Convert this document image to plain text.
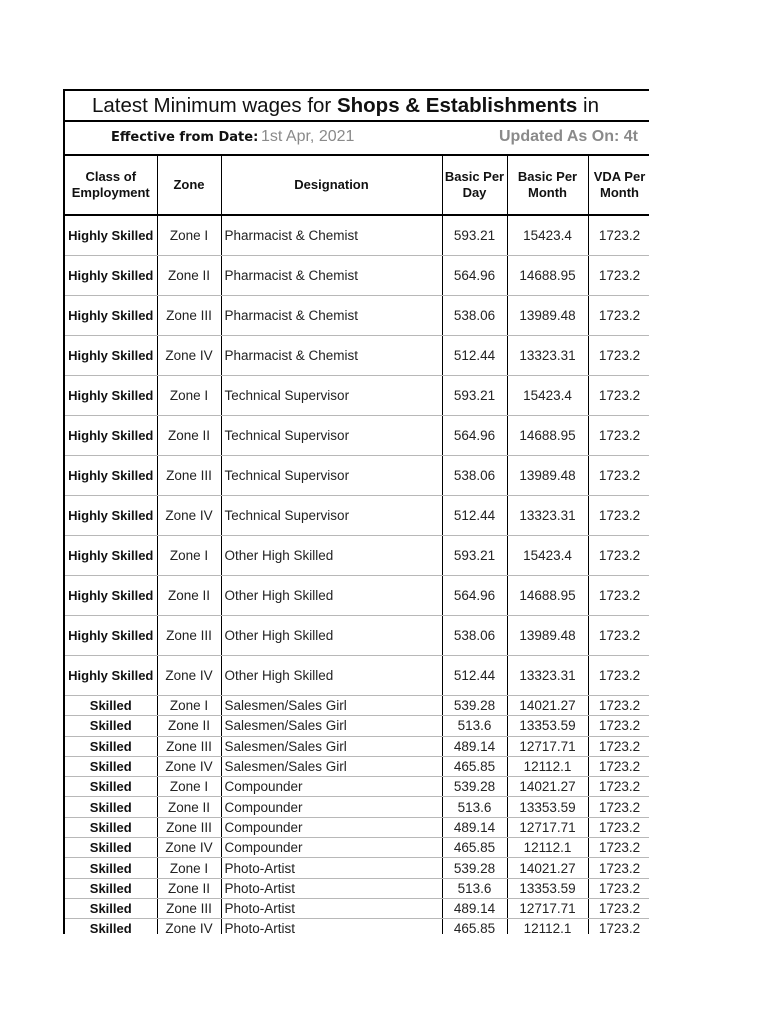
Latest Minimum wages for Shops & Establishments in
Effective from Date: 1st Apr, 2021	Updated As On: 4t
Class of Employment	Zone	Designation	Basic Per Day	Basic Per Month	VDA Per Month
Highly Skilled	Zone I	Pharmacist & Chemist	593.21	15423.4	1723.2
Highly Skilled	Zone II	Pharmacist & Chemist	564.96	14688.95	1723.2
Highly Skilled	Zone III	Pharmacist & Chemist	538.06	13989.48	1723.2
Highly Skilled	Zone IV	Pharmacist & Chemist	512.44	13323.31	1723.2
Highly Skilled	Zone I	Technical Supervisor	593.21	15423.4	1723.2
Highly Skilled	Zone II	Technical Supervisor	564.96	14688.95	1723.2
Highly Skilled	Zone III	Technical Supervisor	538.06	13989.48	1723.2
Highly Skilled	Zone IV	Technical Supervisor	512.44	13323.31	1723.2
Highly Skilled	Zone I	Other High Skilled	593.21	15423.4	1723.2
Highly Skilled	Zone II	Other High Skilled	564.96	14688.95	1723.2
Highly Skilled	Zone III	Other High Skilled	538.06	13989.48	1723.2
Highly Skilled	Zone IV	Other High Skilled	512.44	13323.31	1723.2
Skilled	Zone I	Salesmen/Sales Girl	539.28	14021.27	1723.2
Skilled	Zone II	Salesmen/Sales Girl	513.6	13353.59	1723.2
Skilled	Zone III	Salesmen/Sales Girl	489.14	12717.71	1723.2
Skilled	Zone IV	Salesmen/Sales Girl	465.85	12112.1	1723.2
Skilled	Zone I	Compounder	539.28	14021.27	1723.2
Skilled	Zone II	Compounder	513.6	13353.59	1723.2
Skilled	Zone III	Compounder	489.14	12717.71	1723.2
Skilled	Zone IV	Compounder	465.85	12112.1	1723.2
Skilled	Zone I	Photo-Artist	539.28	14021.27	1723.2
Skilled	Zone II	Photo-Artist	513.6	13353.59	1723.2
Skilled	Zone III	Photo-Artist	489.14	12717.71	1723.2
Skilled	Zone IV	Photo-Artist	465.85	12112.1	1723.2
